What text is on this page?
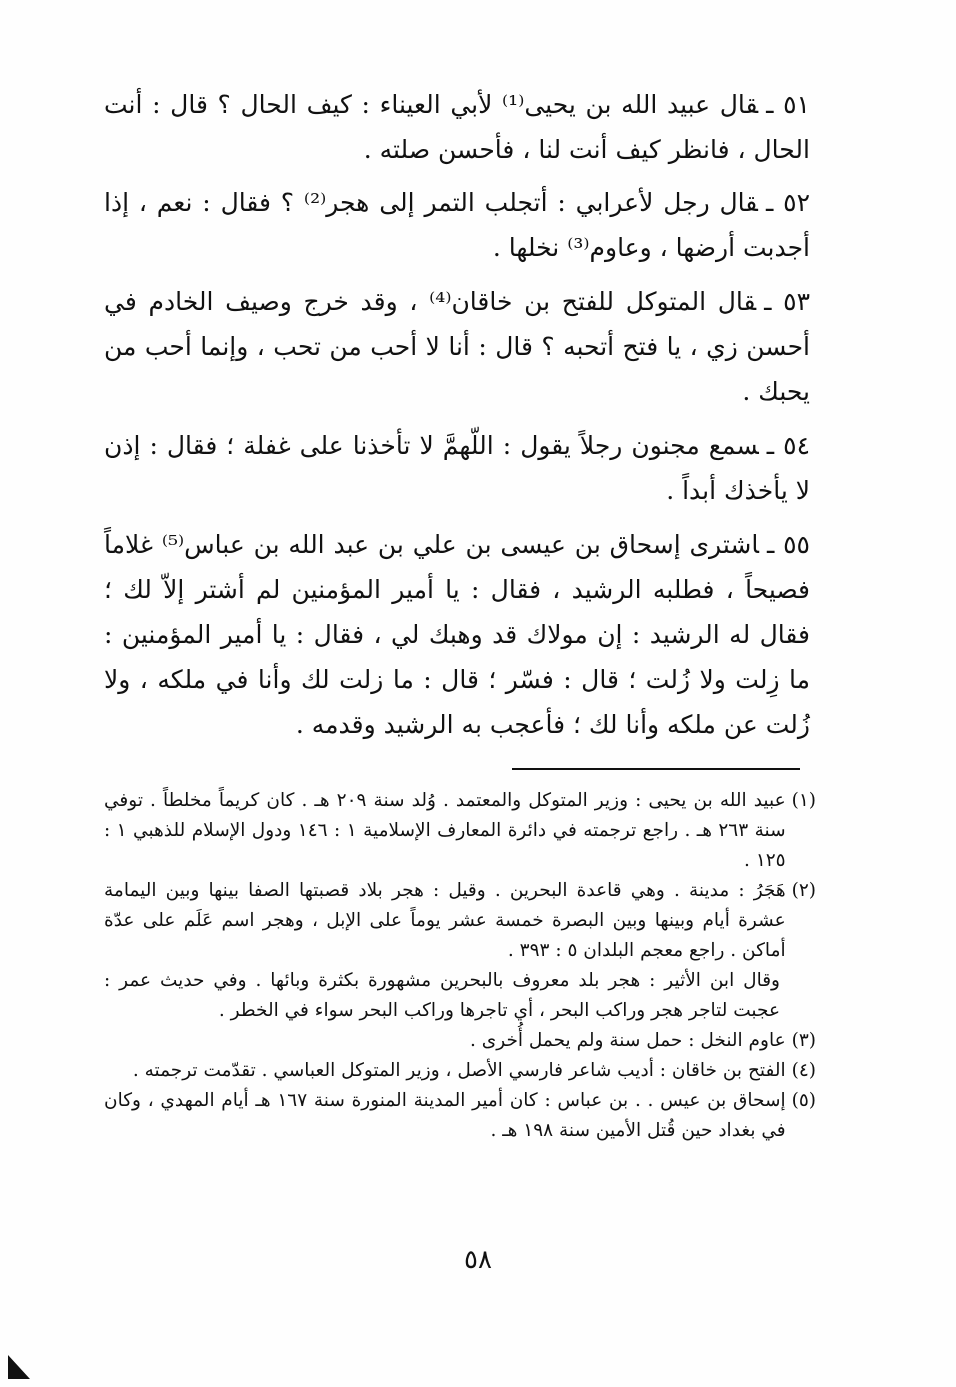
٥١ ـقال عبيد الله بن يحيى⁽¹⁾ لأبي العيناء : كيف الحال ؟ قال : أنت الحال ، فانظر كيف أنت لنا ، فأحسن صلته .

٥٢ ـقال رجل لأعرابي : أتجلب التمر إلى هجر⁽²⁾ ؟ فقال : نعم ، إذا أجدبت أرضها ، وعاوم⁽³⁾ نخلها .

٥٣ ـقال المتوكل للفتح بن خاقان⁽⁴⁾ ، وقد خرج وصيف الخادم في أحسن زي ، يا فتح أتحبه ؟ قال : أنا لا أحب من تحب ، وإنما أحب من يحبك .

٥٤ ـسمع مجنون رجلاً يقول : اللّهمَّ لا تأخذنا على غفلة ؛ فقال : إذن لا يأخذك أبداً .

٥٥ ـاشترى إسحاق بن عيسى بن علي بن عبد الله بن عباس⁽⁵⁾ غلاماً فصيحاً ، فطلبه الرشيد ، فقال : يا أمير المؤمنين لم أشتر إلاّ لك ؛ فقال له الرشيد : إن مولاك قد وهبك لي ، فقال : يا أمير المؤمنين : ما زِلت ولا زُلت ؛ قال : فسّر ؛ قال : ما زلت لك وأنا في ملكه ، ولا زُلت عن ملكه وأنا لك ؛ فأعجب به الرشيد وقدمه .

(١)
عبيد الله بن يحيى : وزير المتوكل والمعتمد . وُلد سنة ٢٠٩ هـ . كان كريماً مخلطاً . توفي سنة ٢٦٣ هـ . راجع ترجمته في دائرة المعارف الإسلامية ١ : ١٤٦ ودول الإسلام للذهبي ١ : ١٢٥ .
(٢)
هَجَرُ : مدينة . وهي قاعدة البحرين . وقيل : هجر بلاد قصبتها الصفا بينها وبين اليمامة عشرة أيام وبينها وبين البصرة خمسة عشر يوماً على الإبل ، وهجر اسم عَلَم على عدّة أماكن . راجع معجم البلدان ٥ : ٣٩٣ .
وقال ابن الأثير : هجر بلد معروف بالبحرين مشهورة بكثرة وبائها . وفي حديث عمر : عجبت لتاجر هجر وراكب البحر ، أي تاجرها وراكب البحر سواء في الخطر .
(٣)
عاوم النخل : حمل سنة ولم يحمل أُخرى .
(٤)
الفتح بن خاقان : أديب شاعر فارسي الأصل ، وزير المتوكل العباسي . تقدّمت ترجمته .
(٥)
إسحاق بن عيس . . بن عباس : كان أمير المدينة المنورة سنة ١٦٧ هـ أيام المهدي ، وكان في بغداد حين قُتل الأمين سنة ١٩٨ هـ .
٥٨
